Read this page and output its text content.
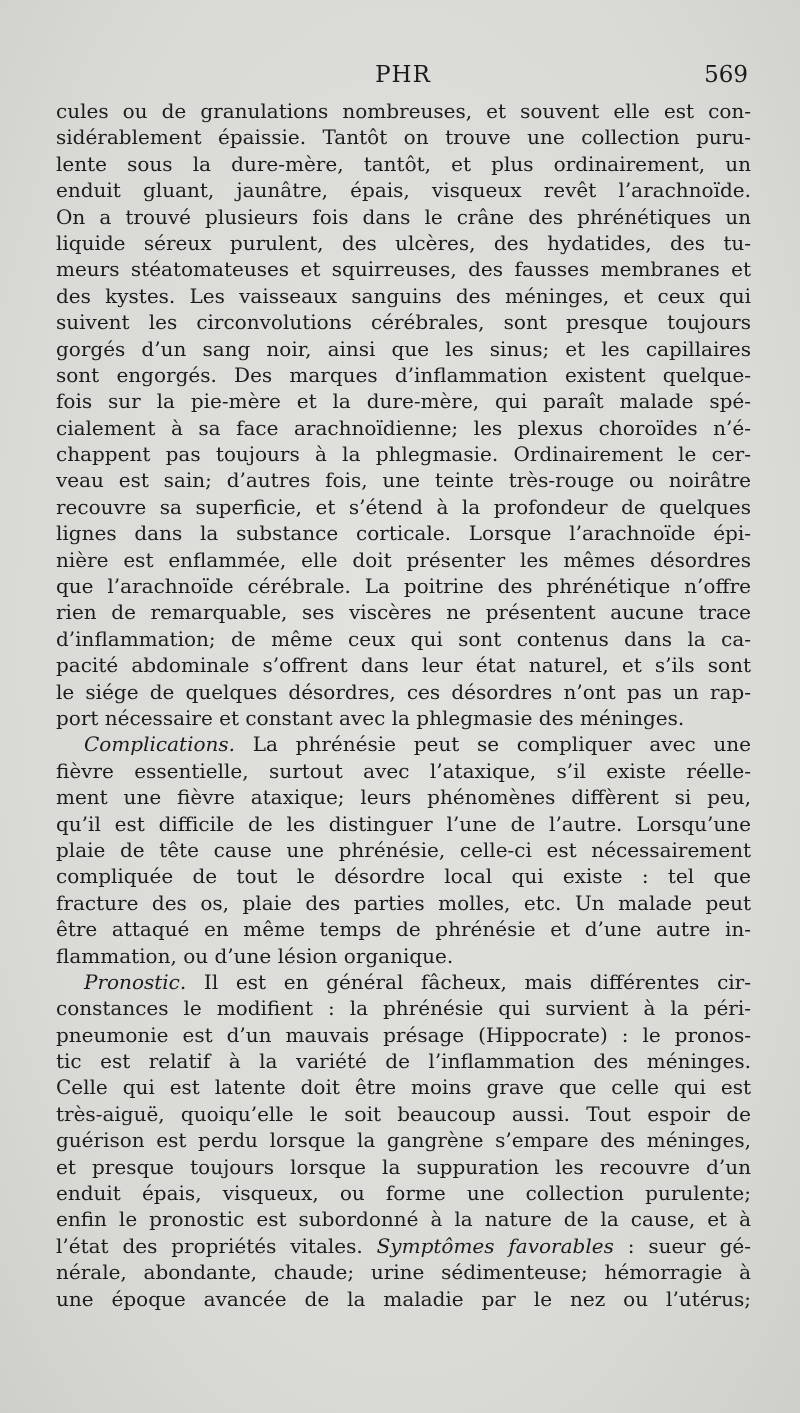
PHR	569
cules ou de granulations nombreuses, et souvent elle est con-
sidérablement épaissie. Tantôt on trouve une collection puru-
lente sous la dure-mère, tantôt, et plus ordinairement, un
enduit gluant, jaunâtre, épais, visqueux revêt l’arachnoïde.
On a trouvé plusieurs fois dans le crâne des phrénétiques un
liquide séreux purulent, des ulcères, des hydatides, des tu-
meurs stéatomateuses et squirreuses, des fausses membranes et
des kystes. Les vaisseaux sanguins des méninges, et ceux qui
suivent les circonvolutions cérébrales, sont presque toujours
gorgés d’un sang noir, ainsi que les sinus; et les capillaires
sont engorgés. Des marques d’inflammation existent quelque-
fois sur la pie-mère et la dure-mère, qui paraît malade spé-
cialement à sa face arachnoïdienne; les plexus choroïdes n’é-
chappent pas toujours à la phlegmasie. Ordinairement le cer-
veau est sain; d’autres fois, une teinte très-rouge ou noirâtre
recouvre sa superficie, et s’étend à la profondeur de quelques
lignes dans la substance corticale. Lorsque l’arachnoïde épi-
nière est enflammée, elle doit présenter les mêmes désordres
que l’arachnoïde cérébrale. La poitrine des phrénétique n’offre
rien de remarquable, ses viscères ne présentent aucune trace
d’inflammation; de même ceux qui sont contenus dans la ca-
pacité abdominale s’offrent dans leur état naturel, et s’ils sont
le siége de quelques désordres, ces désordres n’ont pas un rap-
port nécessaire et constant avec la phlegmasie des méninges.
Complications. La phrénésie peut se compliquer avec une
fièvre essentielle, surtout avec l’ataxique, s’il existe réelle-
ment une fièvre ataxique; leurs phénomènes diffèrent si peu,
qu’il est difficile de les distinguer l’une de l’autre. Lorsqu’une
plaie de tête cause une phrénésie, celle-ci est nécessairement
compliquée de tout le désordre local qui existe : tel que
fracture des os, plaie des parties molles, etc. Un malade peut
être attaqué en même temps de phrénésie et d’une autre in-
flammation, ou d’une lésion organique.
Pronostic. Il est en général fâcheux, mais différentes cir-
constances le modifient : la phrénésie qui survient à la péri-
pneumonie est d’un mauvais présage (Hippocrate) : le pronos-
tic est relatif à la variété de l’inflammation des méninges.
Celle qui est latente doit être moins grave que celle qui est
très-aiguë, quoiqu’elle le soit beaucoup aussi. Tout espoir de
guérison est perdu lorsque la gangrène s’empare des méninges,
et presque toujours lorsque la suppuration les recouvre d’un
enduit épais, visqueux, ou forme une collection purulente;
enfin le pronostic est subordonné à la nature de la cause, et à
l’état des propriétés vitales. Symptômes favorables : sueur gé-
nérale, abondante, chaude; urine sédimenteuse; hémorragie à
une époque avancée de la maladie par le nez ou l’utérus;
